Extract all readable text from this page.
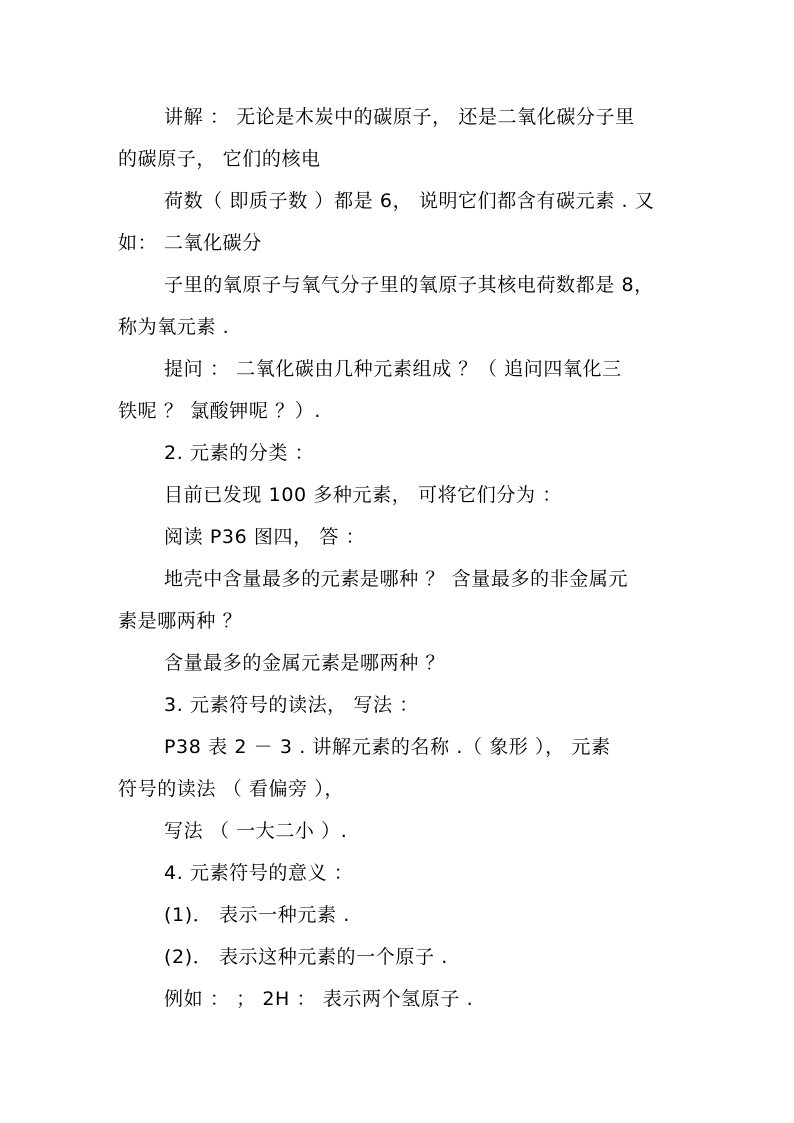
讲解 ： 无论是木炭中的碳原子， 还是二氧化碳分子里
的碳原子， 它们的核电
荷数（ 即质子数 ）都是 6， 说明它们都含有碳元素 . 又
如： 二氧化碳分
子里的氧原子与氧气分子里的氧原子其核电荷数都是 8，
称为氧元素 .
提问 ： 二氧化碳由几种元素组成 ？（ 追问四氧化三
铁呢 ？ 氯酸钾呢 ？）.
2. 元素的分类 ：
目前已发现 100 多种元素， 可将它们分为 ：
阅读 P36 图四， 答 ：
地壳中含量最多的元素是哪种 ？ 含量最多的非金属元
素是哪两种 ？
含量最多的金属元素是哪两种 ？
3. 元素符号的读法， 写法 ：
P38 表 2 － 3 . 讲解元素的名称 .（ 象形 ）， 元素
符号的读法 （ 看偏旁 ），
写法 （ 一大二小 ）.
4. 元素符号的意义 ：
(1)． 表示一种元素 .
(2)． 表示这种元素的一个原子 .
例如 ： ； 2H ： 表示两个氢原子 .
